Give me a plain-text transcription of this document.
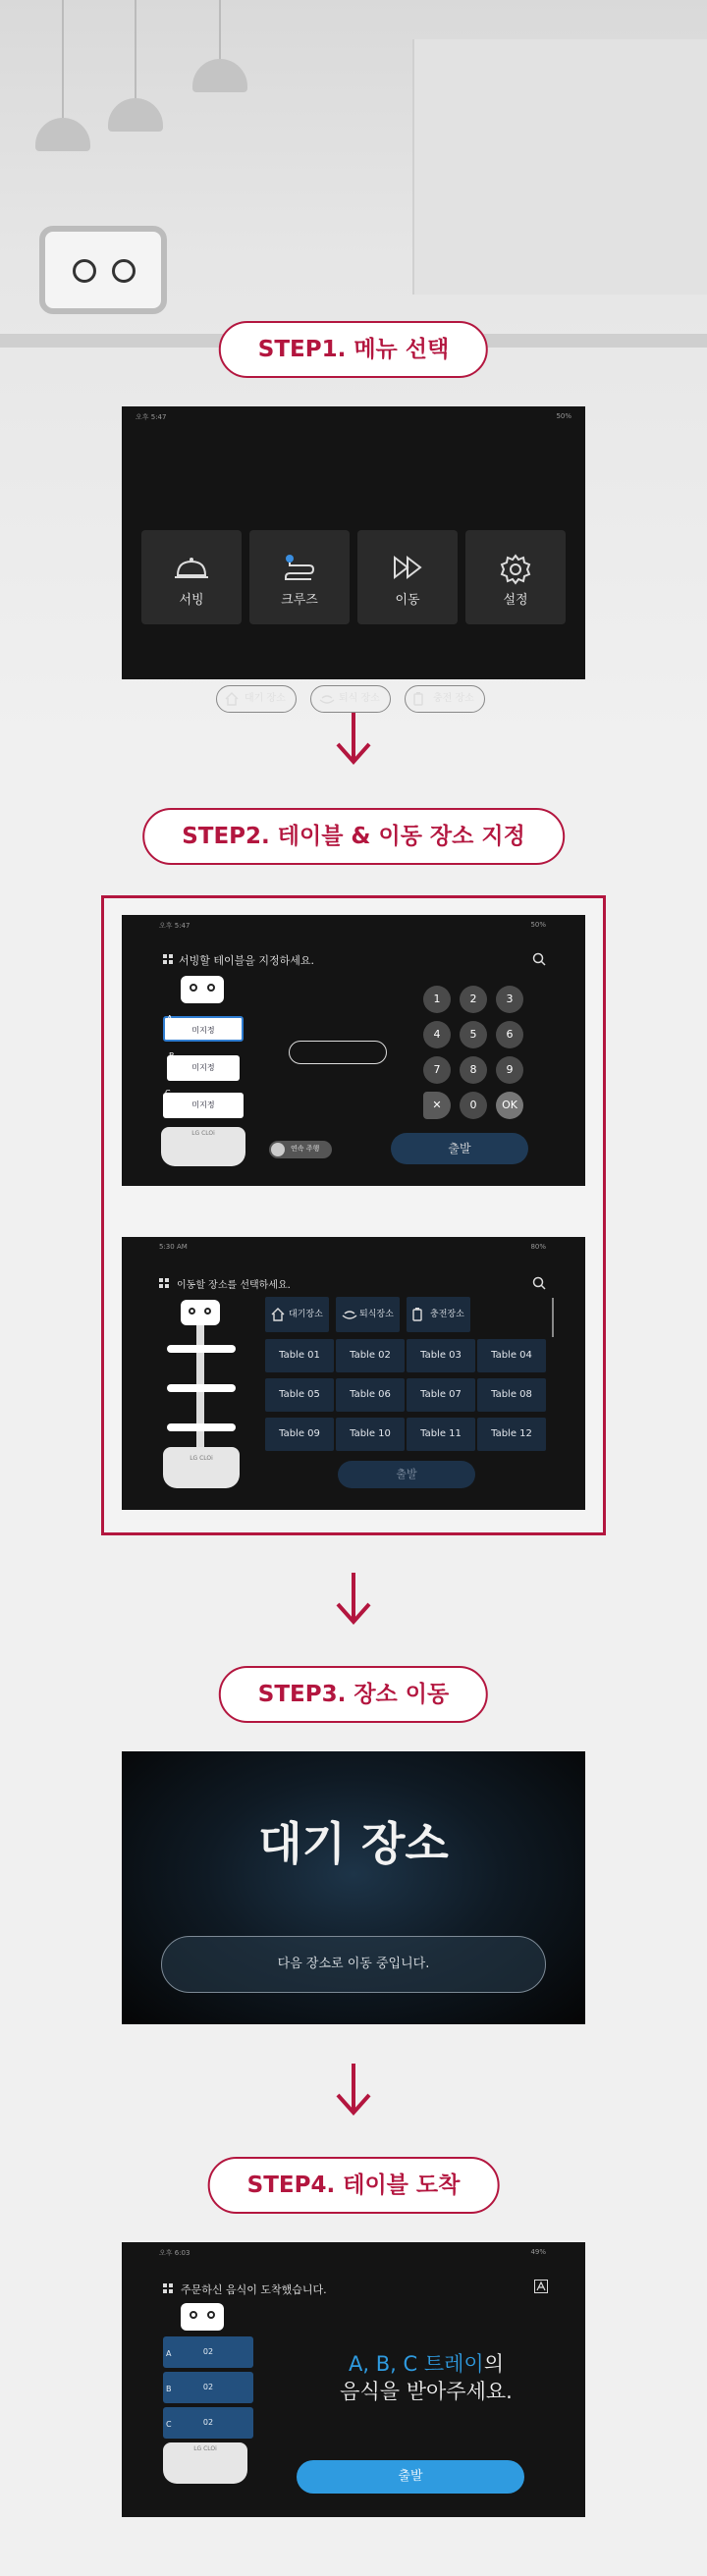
STEP1. 메뉴 선택
오후 5:47	50%
서빙	크루즈	이동	설정
대기 장소	퇴식 장소	충전 장소
STEP2. 테이블 & 이동 장소 지정
오후 5:47	50%
서빙할 테이블을 지정하세요.
A
미지정
B
미지정
C
미지정
LG CLOi
1	2	3
4	5	6
7	8	9
✕	0	OK
연속 주행	출발
5:30 AM	80%
이동할 장소를 선택하세요.
LG CLOi
대기장소	퇴식장소	충전장소
Table 01	Table 02	Table 03	Table 04
Table 05	Table 06	Table 07	Table 08
Table 09	Table 10	Table 11	Table 12
출발
STEP3. 장소 이동
대기 장소
다음 장소로 이동 중입니다.
STEP4. 테이블 도착
오후 6:03	49%
주문하신 음식이 도착했습니다.
A	02
B	02
C	02
LG CLOi
A, B, C 트레이의
음식을 받아주세요.
출발
